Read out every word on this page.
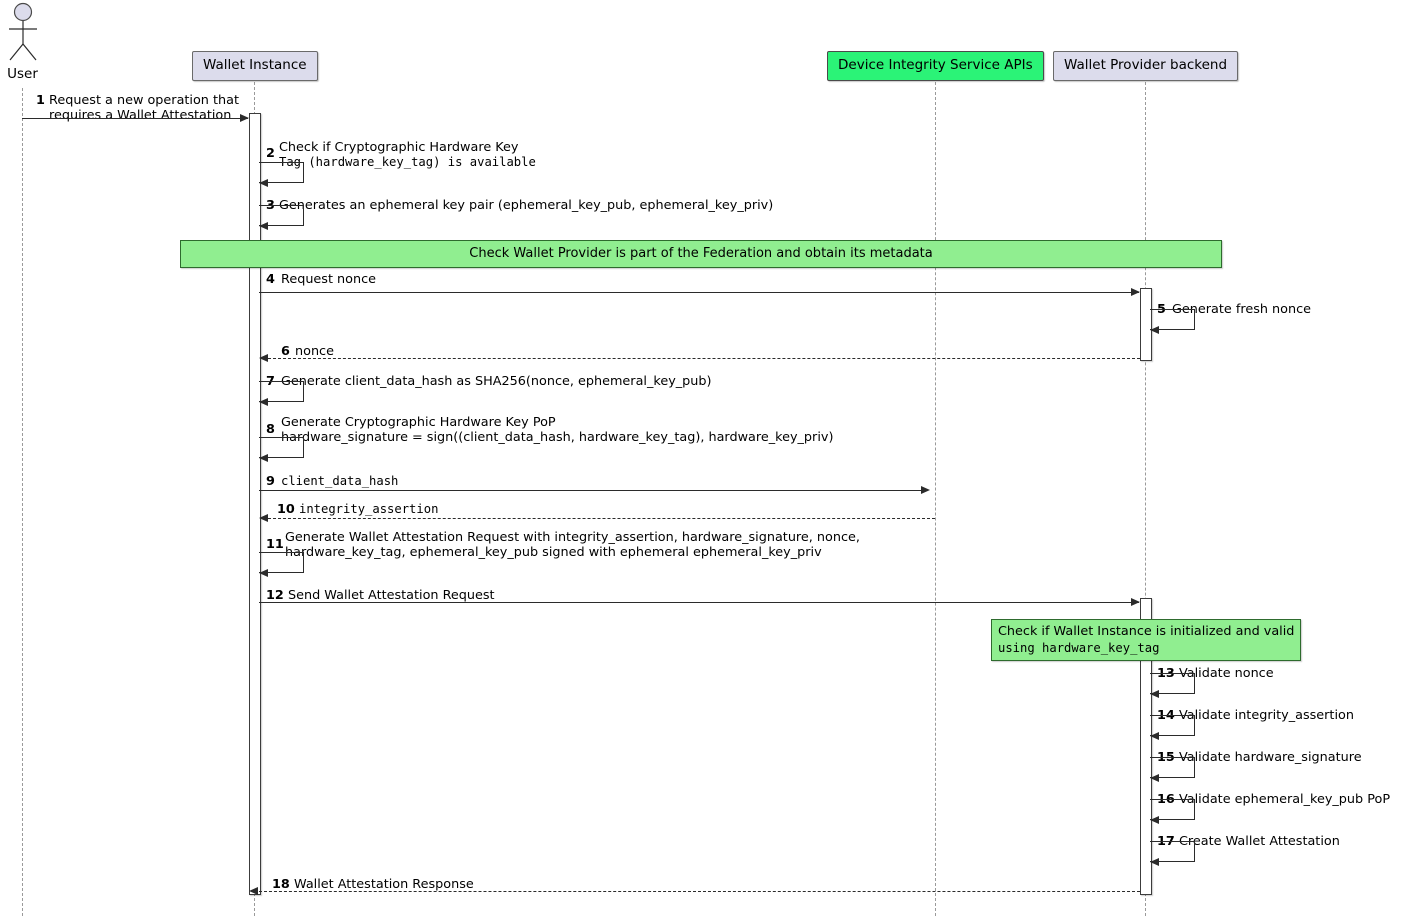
User
Wallet Instance	Device Integrity Service APIs	Wallet Provider backend
1 Request a new operation that
requires a Wallet Attestation
2 Check if Cryptographic Hardware Key
Tag (hardware_key_tag) is available
3 Generates an ephemeral key pair (ephemeral_key_pub, ephemeral_key_priv)
Check Wallet Provider is part of the Federation and obtain its metadata
4 Request nonce
5 Generate fresh nonce
6 nonce
7 Generate client_data_hash as SHA256(nonce, ephemeral_key_pub)
8 Generate Cryptographic Hardware Key PoP
hardware_signature = sign((client_data_hash, hardware_key_tag), hardware_key_priv)
9 client_data_hash
10 integrity_assertion
11 Generate Wallet Attestation Request with integrity_assertion, hardware_signature, nonce,
hardware_key_tag, ephemeral_key_pub signed with ephemeral ephemeral_key_priv
12 Send Wallet Attestation Request
Check if Wallet Instance is initialized and valid
using hardware_key_tag
13 Validate nonce
14 Validate integrity_assertion
15 Validate hardware_signature
16 Validate ephemeral_key_pub PoP
17 Create Wallet Attestation
18 Wallet Attestation Response
